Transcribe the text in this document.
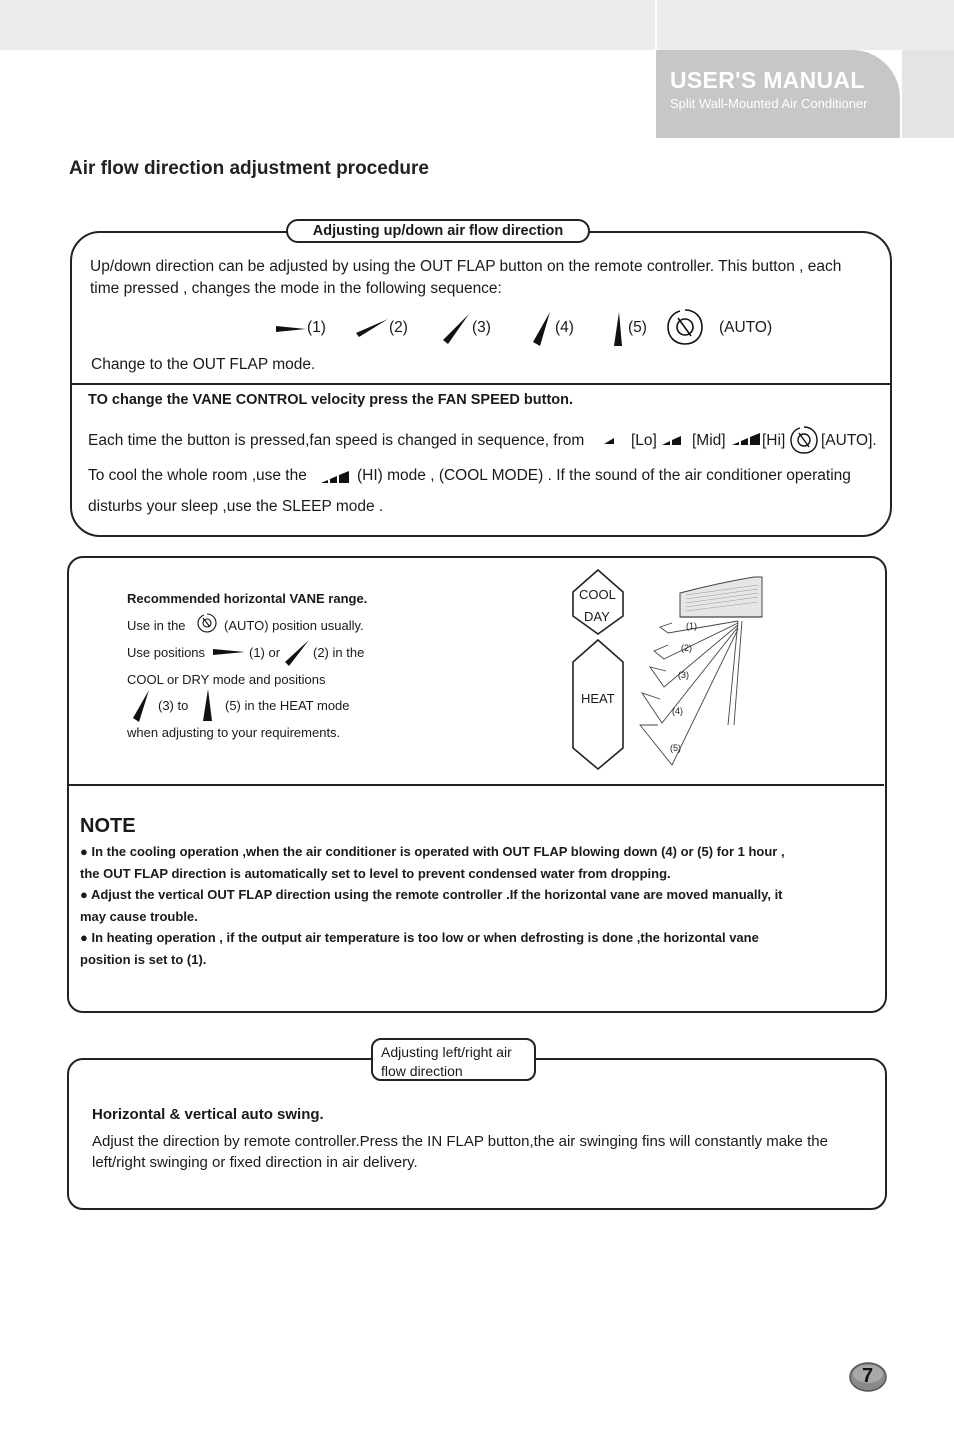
USER'S MANUAL
Split Wall-Mounted Air Conditioner
Air flow direction adjustment procedure
Adjusting up/down air flow direction
Up/down direction can be adjusted by using the OUT FLAP button on the remote controller. This button , each
time pressed , changes the mode in the following sequence:
(1)	(2)	(3)	(4)	(5)	(AUTO)
Change to the OUT FLAP mode.
TO change the VANE CONTROL velocity press the FAN SPEED button.
Each time the button is pressed,fan speed is changed in sequence, from	[Lo] [Mid] [Hi] [AUTO].
To cool the whole room ,use the	(HI) mode , (COOL MODE) . If the sound of the air conditioner operating
disturbs your sleep ,use the SLEEP mode .
Recommended horizontal VANE range.
Use in the	(AUTO) position usually.
Use positions	(1) or	(2) in the
COOL or DRY mode and positions
(3) to	(5) in the HEAT mode
when adjusting to your requirements.
COOL
DAY
HEAT
(1)
(2)
(3)
(4)
(5)
NOTE
● In the cooling operation ,when the air conditioner is operated with OUT FLAP blowing down (4) or (5) for 1 hour ,
the OUT FLAP direction is automatically set to level to prevent condensed water from dropping.
● Adjust the vertical OUT FLAP direction using the remote controller .If the horizontal vane are moved manually, it
may cause trouble.
● In heating operation , if the output air temperature is too low or when defrosting is done ,the horizontal vane
position is set to (1).
Adjusting left/right air
flow direction
Horizontal & vertical auto swing.
Adjust the direction by remote controller.Press the IN FLAP button,the air swinging fins will constantly make the
left/right swinging or fixed direction in air delivery.
7
